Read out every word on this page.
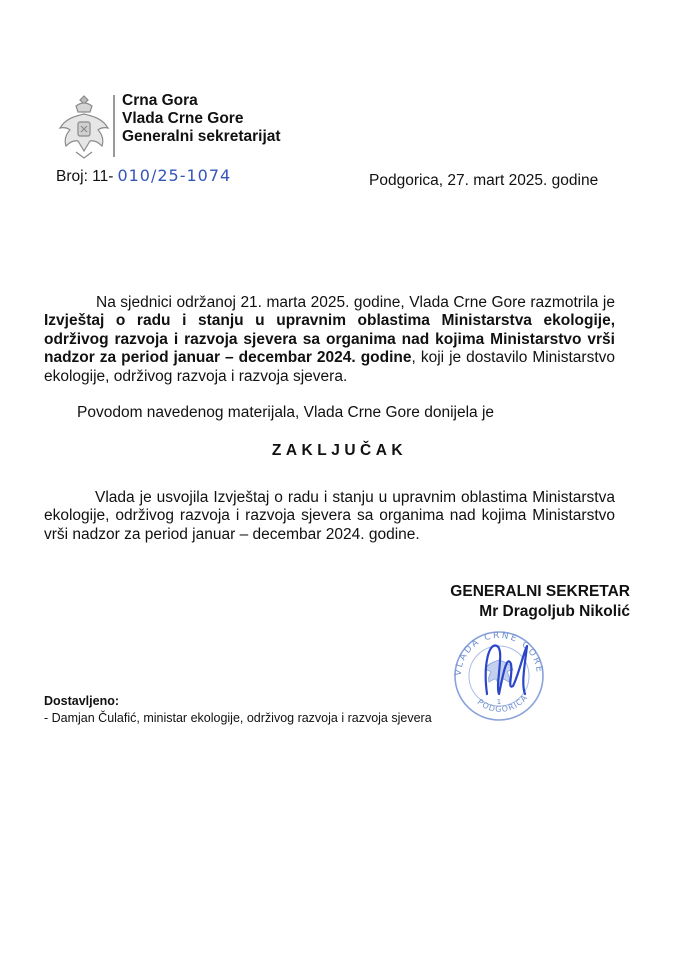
Crna Gora
Vlada Crne Gore
Generalni sekretarijat
Broj: 11- 010/25-1074	Podgorica, 27. mart 2025. godine
Na sjednici održanoj 21. marta 2025. godine, Vlada Crne Gore razmotrila je Izvještaj o radu i stanju u upravnim oblastima Ministarstva ekologije, održivog razvoja i razvoja sjevera sa organima nad kojima Ministarstvo vrši nadzor za period januar – decembar 2024. godine, koji je dostavilo Ministarstvo ekologije, održivog razvoja i razvoja sjevera.
Povodom navedenog materijala, Vlada Crne Gore donijela je
ZAKLJUČAK
Vlada je usvojila Izvještaj o radu i stanju u upravnim oblastima Ministarstva ekologije, održivog razvoja i razvoja sjevera sa organima nad kojima Ministarstvo vrši nadzor za period januar – decembar 2024. godine.
GENERALNI SEKRETAR
Mr Dragoljub Nikolić
VLADA CRNE GORE
PODGORICA
1
Dostavljeno:
- Damjan Čulafić, ministar ekologije, održivog razvoja i razvoja sjevera
